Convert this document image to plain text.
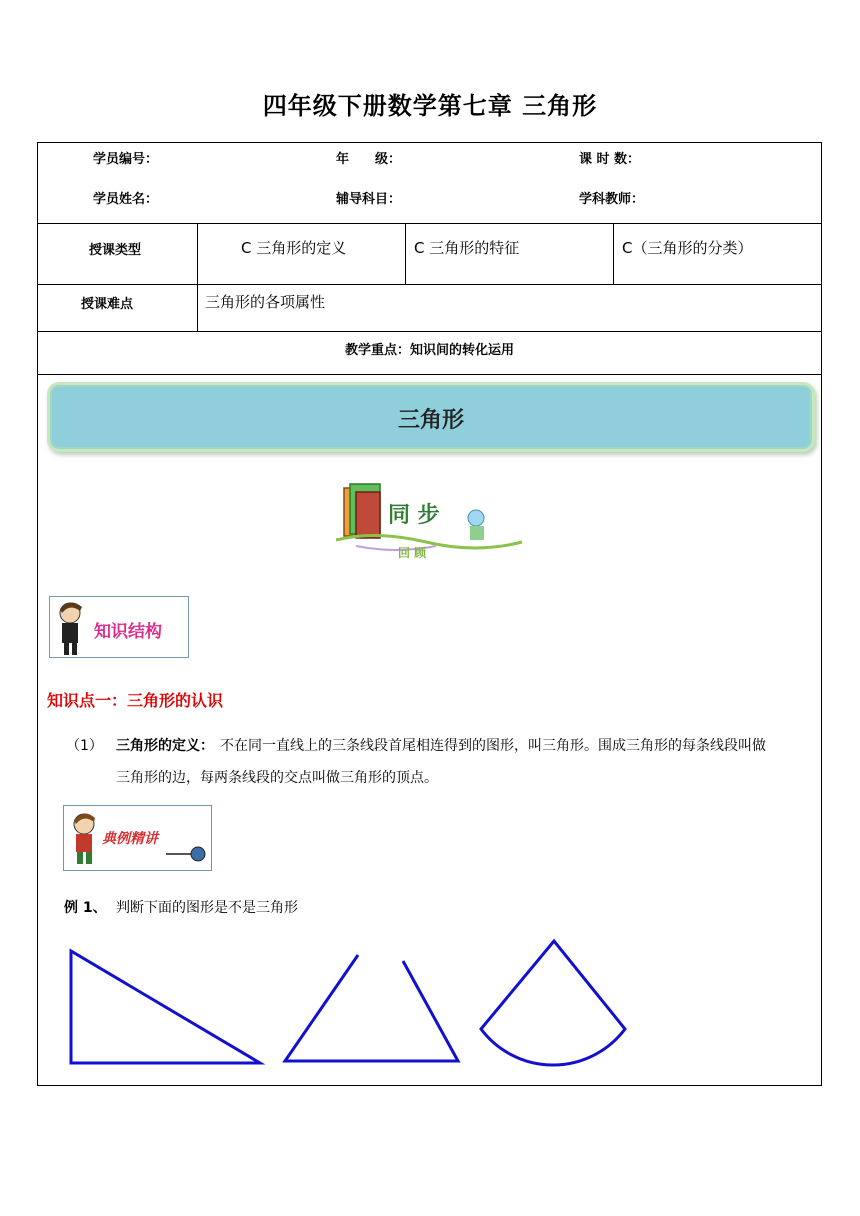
四年级下册数学第七章 三角形
学员编号：	年　　级：	课 时 数：
学员姓名：	辅导科目：	学科教师：
授课类型	C 三角形的定义	C 三角形的特征	C（三角形的分类）
授课难点	三角形的各项属性
教学重点：知识间的转化运用
三角形
同 步
回 顾
知识结构
知识点一：三角形的认识
（1） 三角形的定义： 不在同一直线上的三条线段首尾相连得到的图形，叫三角形。围成三角形的每条线段叫做
三角形的边，每两条线段的交点叫做三角形的顶点。
典例精讲
例 1、 判断下面的图形是不是三角形
